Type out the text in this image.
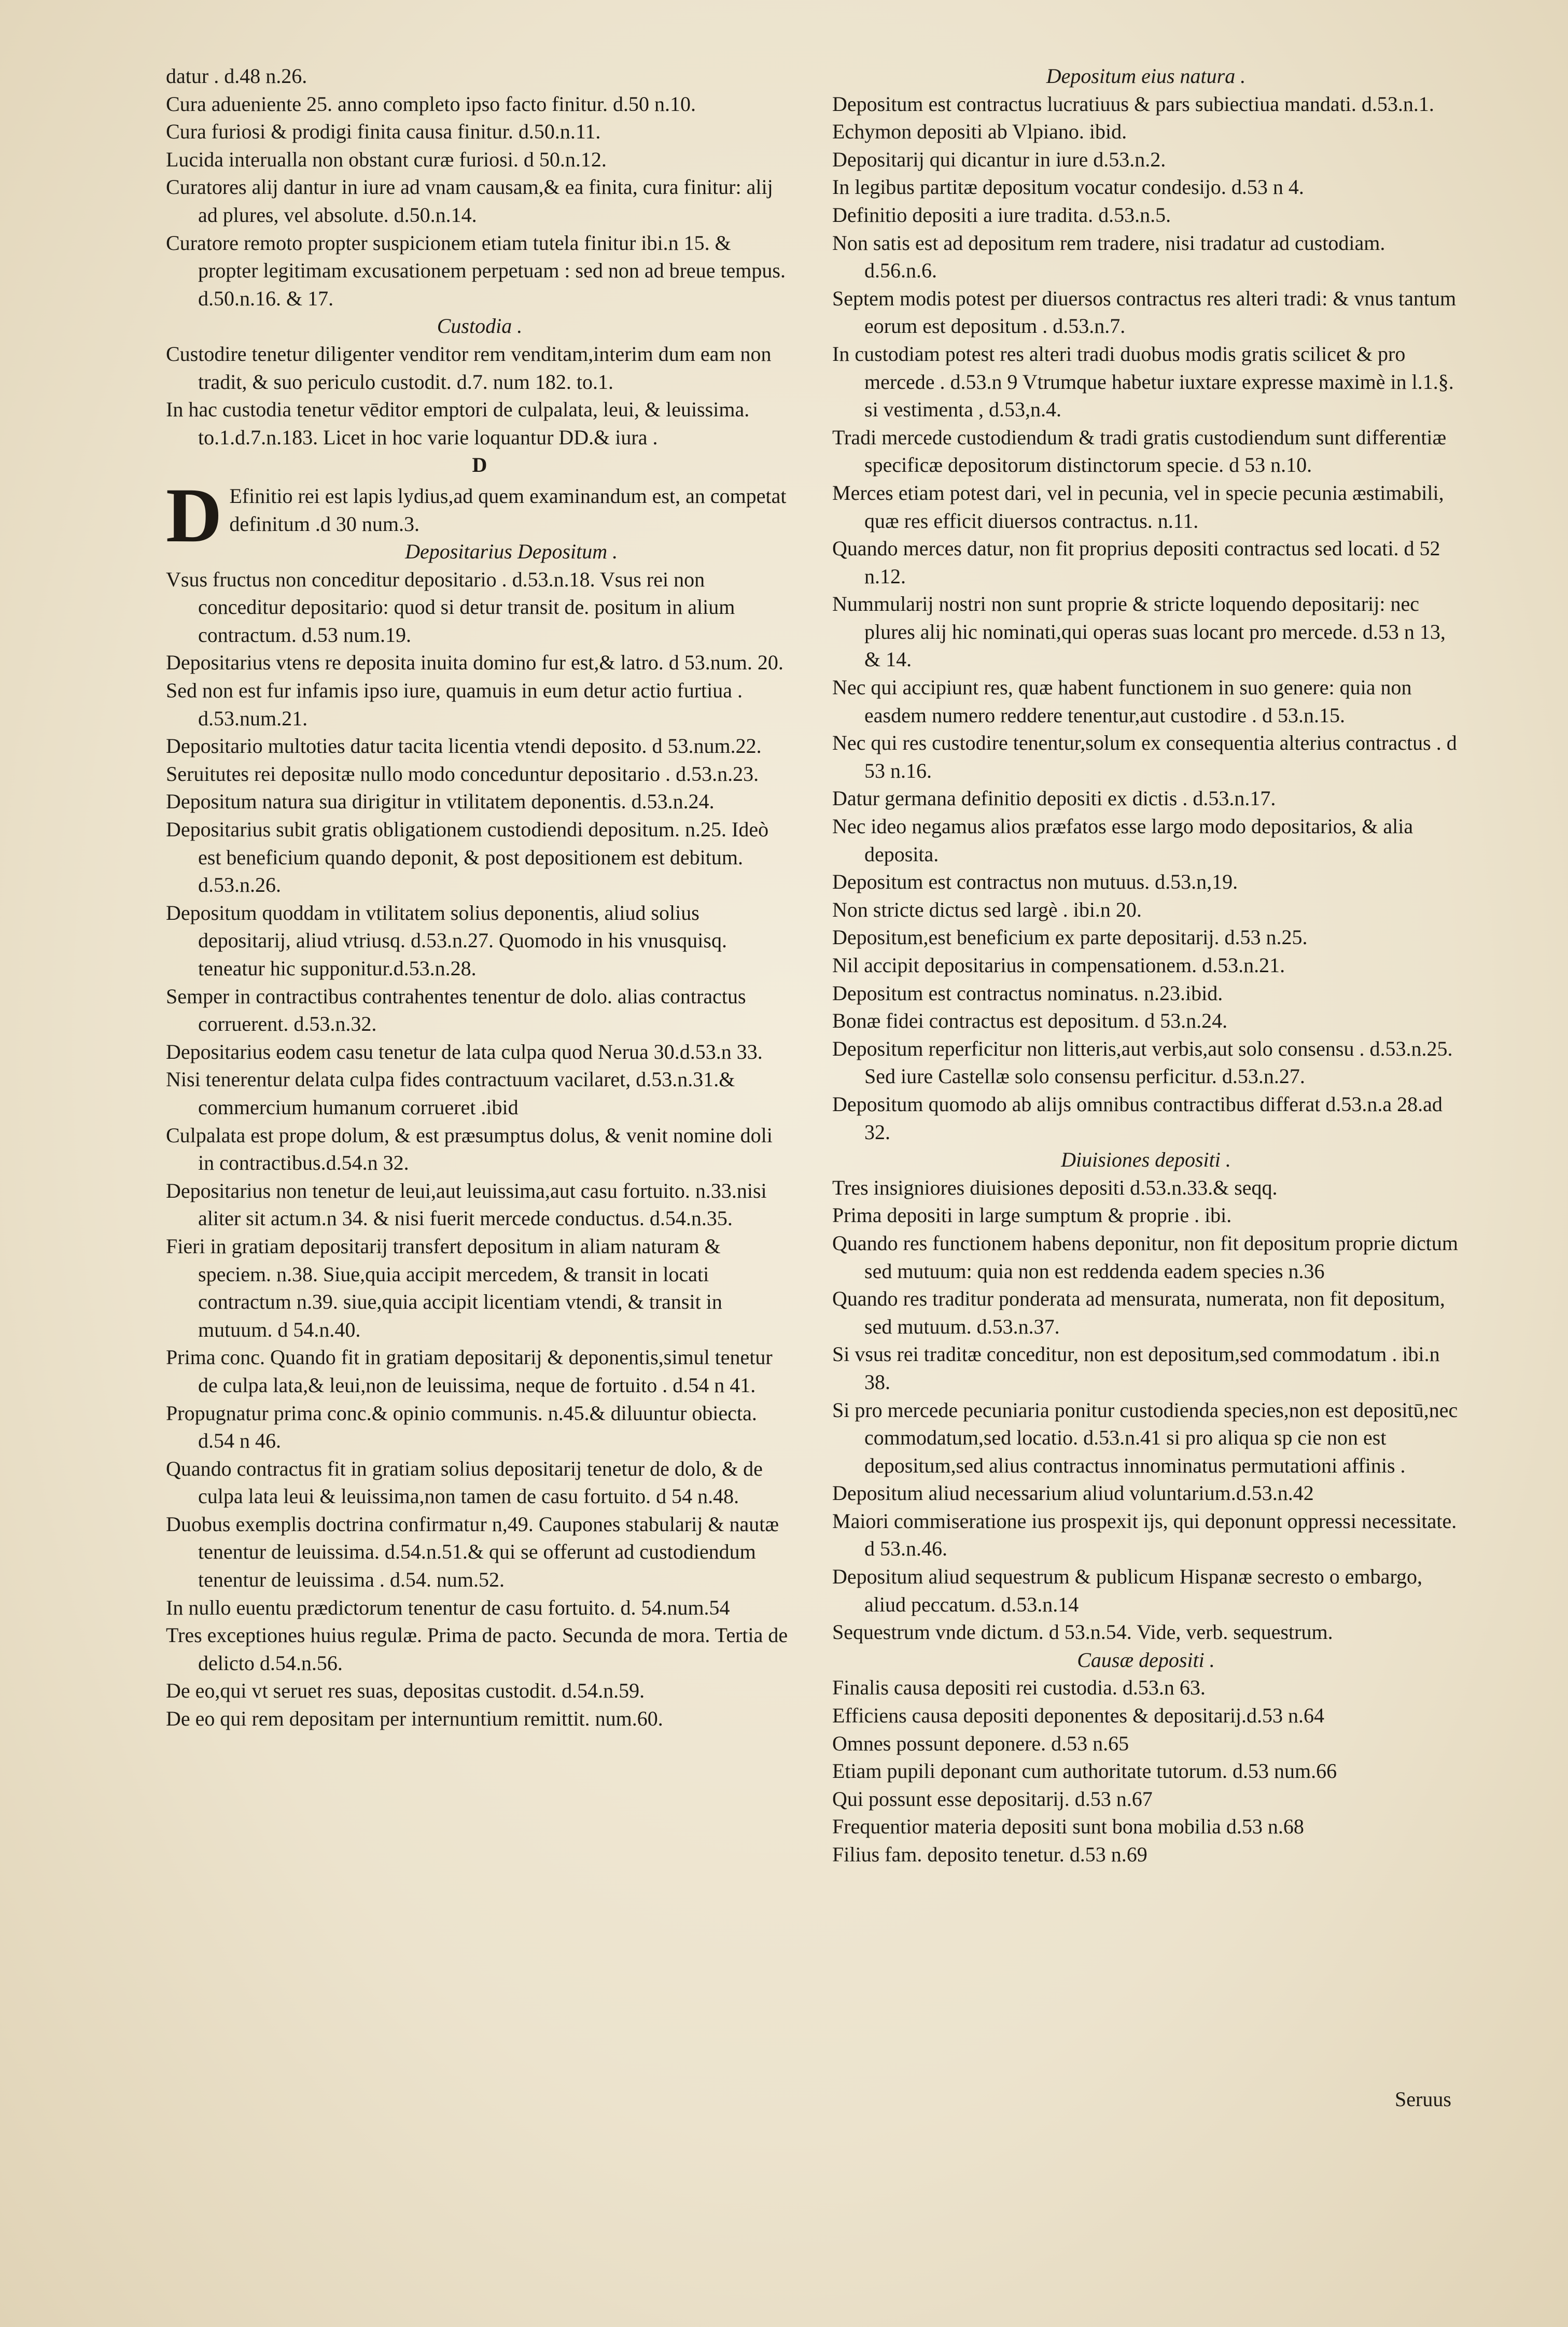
datur . d.48 n.26.

Cura adueniente 25. anno completo ipso facto finitur. d.50 n.10.

Cura furiosi & prodigi finita causa finitur. d.50.n.11.

Lucida interualla non obstant curæ furiosi. d 50.n.12.

Curatores alij dantur in iure ad vnam causam,& ea finita, cura finitur: alij ad plures, vel absolute. d.50.n.14.

Curatore remoto propter suspicionem etiam tutela finitur ibi.n 15. & propter legitimam excusationem perpetuam : sed non ad breue tempus. d.50.n.16. & 17.

Custodia .

Custodire tenetur diligenter venditor rem venditam,interim dum eam non tradit, & suo periculo custodit. d.7. num 182. to.1.

In hac custodia tenetur vēditor emptori de culpalata, leui, & leuissima. to.1.d.7.n.183. Licet in hoc varie loquantur DD.& iura .

D

D Efinitio rei est lapis lydius,ad quem examinandum est, an competat definitum .d 30 num.3.

Depositarius Depositum .

Vsus fructus non conceditur depositario . d.53.n.18. Vsus rei non conceditur depositario: quod si detur transit de. positum in alium contractum. d.53 num.19.

Depositarius vtens re deposita inuita domino fur est,& latro. d 53.num. 20.

Sed non est fur infamis ipso iure, quamuis in eum detur actio furtiua . d.53.num.21.

Depositario multoties datur tacita licentia vtendi deposito. d 53.num.22.

Seruitutes rei depositæ nullo modo conceduntur depositario . d.53.n.23.

Depositum natura sua dirigitur in vtilitatem deponentis. d.53.n.24.

Depositarius subit gratis obligationem custodiendi depositum. n.25. Ideò est beneficium quando deponit, & post depositionem est debitum. d.53.n.26.

Depositum quoddam in vtilitatem solius deponentis, aliud solius depositarij, aliud vtriusq. d.53.n.27. Quomodo in his vnusquisq. teneatur hic supponitur.d.53.n.28.

Semper in contractibus contrahentes tenentur de dolo. alias contractus corruerent. d.53.n.32.

Depositarius eodem casu tenetur de lata culpa quod Nerua 30.d.53.n 33.

Nisi tenerentur delata culpa fides contractuum vacilaret, d.53.n.31.& commercium humanum corrueret .ibid

Culpalata est prope dolum, & est præsumptus dolus, & venit nomine doli in contractibus.d.54.n 32.

Depositarius non tenetur de leui,aut leuissima,aut casu fortuito. n.33.nisi aliter sit actum.n 34. & nisi fuerit mercede conductus. d.54.n.35.

Fieri in gratiam depositarij transfert depositum in aliam naturam & speciem. n.38. Siue,quia accipit mercedem, & transit in locati contractum n.39. siue,quia accipit licentiam vtendi, & transit in mutuum. d 54.n.40.

Prima conc. Quando fit in gratiam depositarij & deponentis,simul tenetur de culpa lata,& leui,non de leuissima, neque de fortuito . d.54 n 41.

Propugnatur prima conc.& opinio communis. n.45.& diluuntur obiecta. d.54 n 46.

Quando contractus fit in gratiam solius depositarij tenetur de dolo, & de culpa lata leui & leuissima,non tamen de casu fortuito. d 54 n.48.

Duobus exemplis doctrina confirmatur n,49. Caupones stabularij & nautæ tenentur de leuissima. d.54.n.51.& qui se offerunt ad custodiendum tenentur de leuissima . d.54. num.52.

In nullo euentu prædictorum tenentur de casu fortuito. d. 54.num.54

Tres exceptiones huius regulæ. Prima de pacto. Secunda de mora. Tertia de delicto d.54.n.56.

De eo,qui vt seruet res suas, depositas custodit. d.54.n.59.

De eo qui rem depositam per internuntium remittit. num.60.

Depositum eius natura .

Depositum est contractus lucratiuus & pars subiectiua mandati. d.53.n.1.

Echymon depositi ab Vlpiano. ibid.

Depositarij qui dicantur in iure d.53.n.2.

In legibus partitæ depositum vocatur condesijo. d.53 n 4.

Definitio depositi a iure tradita. d.53.n.5.

Non satis est ad depositum rem tradere, nisi tradatur ad custodiam. d.56.n.6.

Septem modis potest per diuersos contractus res alteri tradi: & vnus tantum eorum est depositum . d.53.n.7.

In custodiam potest res alteri tradi duobus modis gratis scilicet & pro mercede . d.53.n 9 Vtrumque habetur iuxtare expresse maximè in l.1.§. si vestimenta , d.53,n.4.

Tradi mercede custodiendum & tradi gratis custodiendum sunt differentiæ specificæ depositorum distinctorum specie. d 53 n.10.

Merces etiam potest dari, vel in pecunia, vel in specie pecunia æstimabili, quæ res efficit diuersos contractus. n.11.

Quando merces datur, non fit proprius depositi contractus sed locati. d 52 n.12.

Nummularij nostri non sunt proprie & stricte loquendo depositarij: nec plures alij hic nominati,qui operas suas locant pro mercede. d.53 n 13, & 14.

Nec qui accipiunt res, quæ habent functionem in suo genere: quia non easdem numero reddere tenentur,aut custodire . d 53.n.15.

Nec qui res custodire tenentur,solum ex consequentia alterius contractus . d 53 n.16.

Datur germana definitio depositi ex dictis . d.53.n.17.

Nec ideo negamus alios præfatos esse largo modo depositarios, & alia deposita.

Depositum est contractus non mutuus. d.53.n,19.

Non stricte dictus sed largè . ibi.n 20.

Depositum,est beneficium ex parte depositarij. d.53 n.25.

Nil accipit depositarius in compensationem. d.53.n.21.

Depositum est contractus nominatus. n.23.ibid.

Bonæ fidei contractus est depositum. d 53.n.24.

Depositum reperficitur non litteris,aut verbis,aut solo consensu . d.53.n.25. Sed iure Castellæ solo consensu perficitur. d.53.n.27.

Depositum quomodo ab alijs omnibus contractibus differat d.53.n.a 28.ad 32.

Diuisiones depositi .

Tres insigniores diuisiones depositi d.53.n.33.& seqq.

Prima depositi in large sumptum & proprie . ibi.

Quando res functionem habens deponitur, non fit depositum proprie dictum sed mutuum: quia non est reddenda eadem species n.36

Quando res traditur ponderata ad mensurata, numerata, non fit depositum, sed mutuum. d.53.n.37.

Si vsus rei traditæ conceditur, non est depositum,sed commodatum . ibi.n 38.

Si pro mercede pecuniaria ponitur custodienda species,non est depositū,nec commodatum,sed locatio. d.53.n.41 si pro aliqua sp cie non est depositum,sed alius contractus innominatus permutationi affinis .

Depositum aliud necessarium aliud voluntarium.d.53.n.42

Maiori commiseratione ius prospexit ijs, qui deponunt oppressi necessitate. d 53.n.46.

Depositum aliud sequestrum & publicum Hispanæ secresto o embargo, aliud peccatum. d.53.n.14

Sequestrum vnde dictum. d 53.n.54. Vide, verb. sequestrum.

Causæ depositi .

Finalis causa depositi rei custodia. d.53.n 63.

Efficiens causa depositi deponentes & depositarij.d.53 n.64

Omnes possunt deponere. d.53 n.65

Etiam pupili deponant cum authoritate tutorum. d.53 num.66

Qui possunt esse depositarij. d.53 n.67

Frequentior materia depositi sunt bona mobilia d.53 n.68

Filius fam. deposito tenetur. d.53 n.69

Seruus
